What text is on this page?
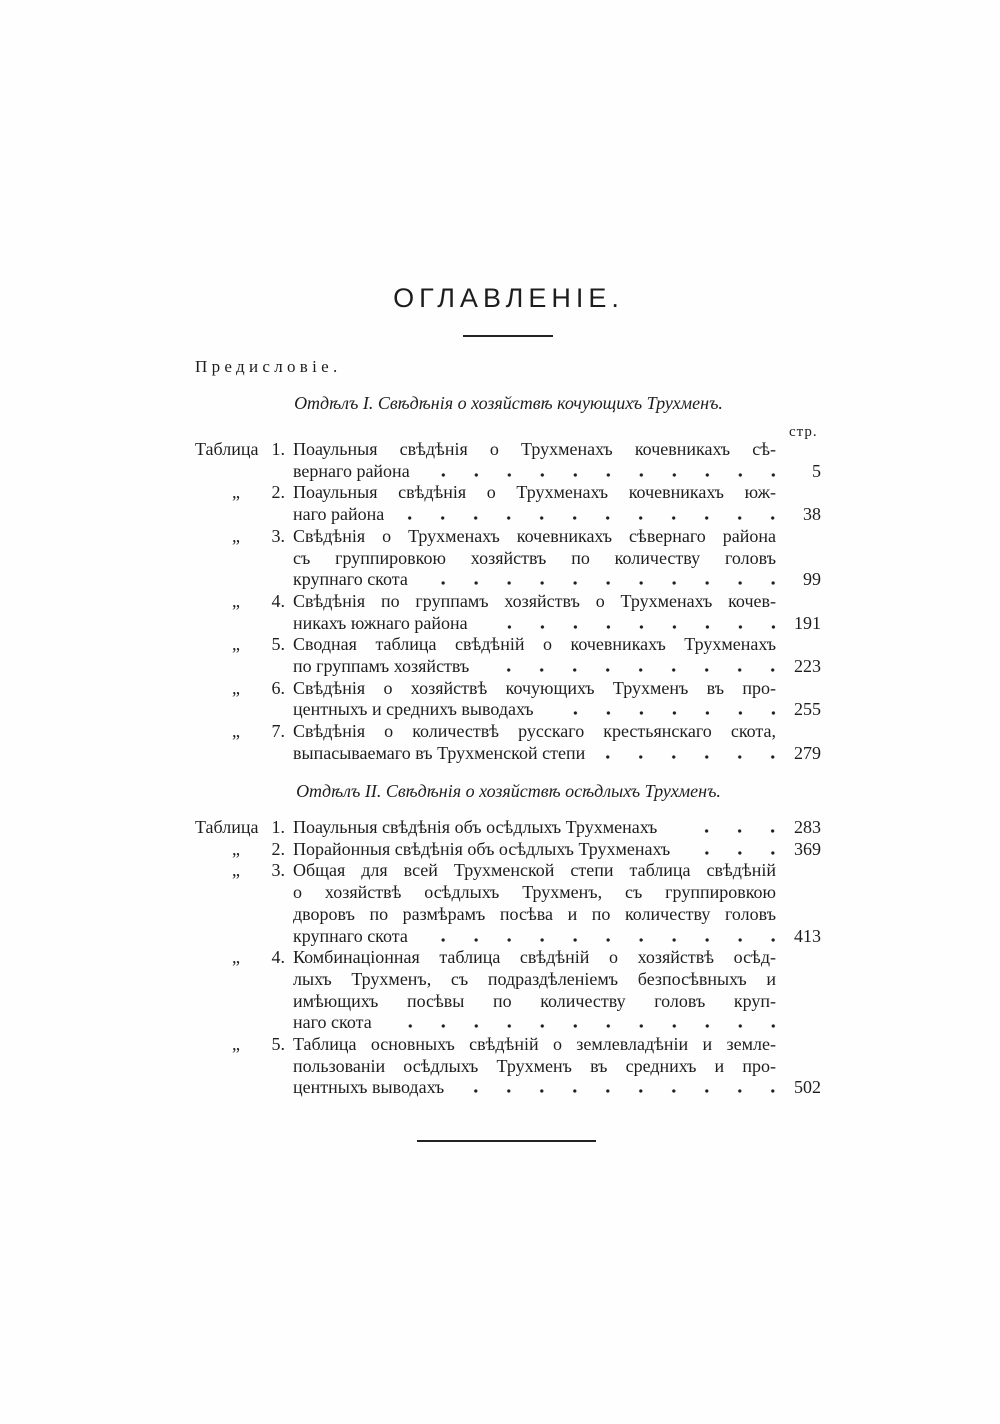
ОГЛАВЛЕНІЕ.
Предисловіе.
Отдѣлъ I. Свѣдѣнія о хозяйствѣ кочующихъ Трухменъ.
стр.
Таблица 1. Поаульныя свѣдѣнія о Трухменахъ кочевникахъ сѣ-
вернаго района	5
„ 2. Поаульныя свѣдѣнія о Трухменахъ кочевникахъ юж-
наго района	38
„ 3. Свѣдѣнія о Трухменахъ кочевникахъ сѣвернаго района
съ группировкою хозяйствъ по количеству головъ
крупнаго скота	99
„ 4. Свѣдѣнія по группамъ хозяйствъ о Трухменахъ кочев-
никахъ южнаго района	191
„ 5. Сводная таблица свѣдѣній о кочевникахъ Трухменахъ
по группамъ хозяйствъ	223
„ 6. Свѣдѣнія о хозяйствѣ кочующихъ Трухменъ въ про-
центныхъ и среднихъ выводахъ	255
„ 7. Свѣдѣнія о количествѣ русскаго крестьянскаго скота,
выпасываемаго въ Трухменской степи	279
Отдѣлъ II. Свѣдѣнія о хозяйствѣ осѣдлыхъ Трухменъ.
Таблица 1. Поаульныя свѣдѣнія объ осѣдлыхъ Трухменахъ	283
„ 2. Порайонныя свѣдѣнія объ осѣдлыхъ Трухменахъ	369
„ 3. Общая для всей Трухменской степи таблица свѣдѣній
о хозяйствѣ осѣдлыхъ Трухменъ, съ группировкою
дворовъ по размѣрамъ посѣва и по количеству головъ
крупнаго скота	413
„ 4. Комбинаціонная таблица свѣдѣній о хозяйствѣ осѣд-
лыхъ Трухменъ, съ подраздѣленіемъ безпосѣвныхъ и
имѣющихъ посѣвы по количеству головъ круп-
наго скота
„ 5. Таблица основныхъ свѣдѣній о землевладѣніи и земле-
пользованіи осѣдлыхъ Трухменъ въ среднихъ и про-
центныхъ выводахъ	502
